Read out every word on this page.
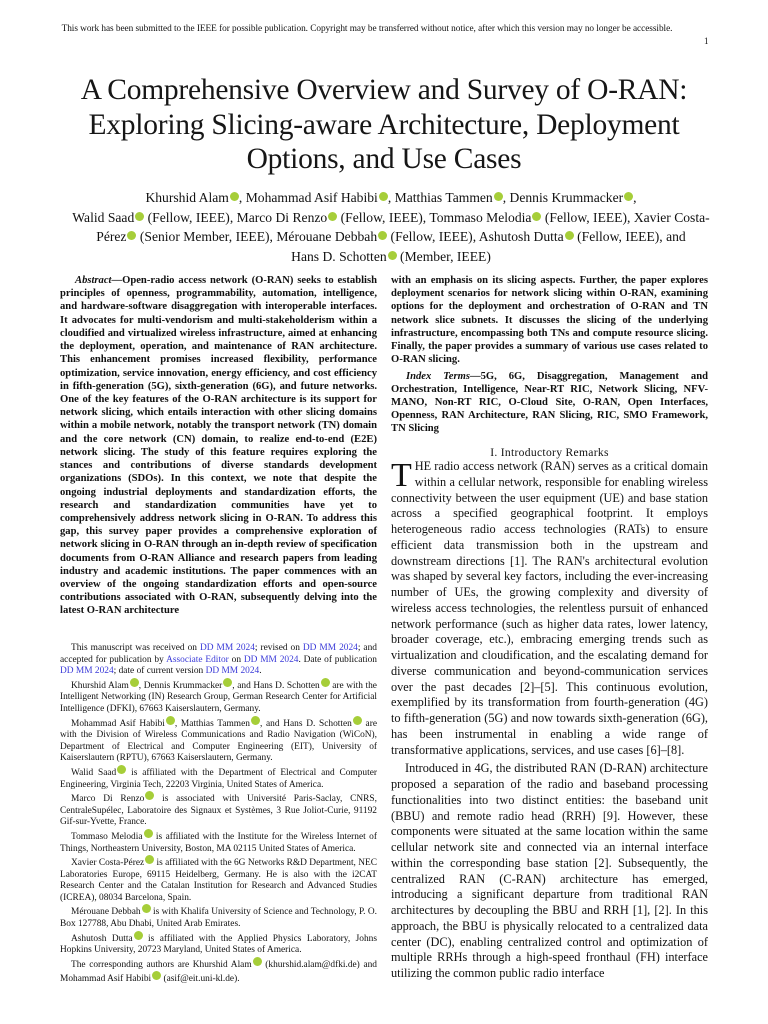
This work has been submitted to the IEEE for possible publication. Copyright may be transferred without notice, after which this version may no longer be accessible.
1
A Comprehensive Overview and Survey of O-RAN:
Exploring Slicing-aware Architecture, Deployment
Options, and Use Cases
Khurshid Alam , Mohammad Asif Habibi , Matthias Tammen , Dennis Krummacker ,
Walid Saad (Fellow, IEEE), Marco Di Renzo (Fellow, IEEE), Tommaso Melodia (Fellow, IEEE), Xavier Costa-Pérez (Senior Member, IEEE), Mérouane Debbah (Fellow, IEEE), Ashutosh Dutta (Fellow, IEEE), and
Hans D. Schotten (Member, IEEE)

Abstract—Open-radio access network (O-RAN) seeks to establish principles of openness, programmability, automation, intelligence, and hardware-software disaggregation with interoperable interfaces. It advocates for multi-vendorism and multi-stakeholderism within a cloudified and virtualized wireless infrastructure, aimed at enhancing the deployment, operation, and maintenance of RAN architecture. This enhancement promises increased flexibility, performance optimization, service innovation, energy efficiency, and cost efficiency in fifth-generation (5G), sixth-generation (6G), and future networks. One of the key features of the O-RAN architecture is its support for network slicing, which entails interaction with other slicing domains within a mobile network, notably the transport network (TN) domain and the core network (CN) domain, to realize end-to-end (E2E) network slicing. The study of this feature requires exploring the stances and contributions of diverse standards development organizations (SDOs). In this context, we note that despite the ongoing industrial deployments and standardization efforts, the research and standardization communities have yet to comprehensively address network slicing in O-RAN. To address this gap, this survey paper provides a comprehensive exploration of network slicing in O-RAN through an in-depth review of specification documents from O-RAN Alliance and research papers from leading industry and academic institutions. The paper commences with an overview of the ongoing standardization efforts and open-source contributions associated with O-RAN, subsequently delving into the latest O-RAN architecture

with an emphasis on its slicing aspects. Further, the paper explores deployment scenarios for network slicing within O-RAN, examining options for the deployment and orchestration of O-RAN and TN network slice subnets. It discusses the slicing of the underlying infrastructure, encompassing both TNs and compute resource slicing. Finally, the paper provides a summary of various use cases related to O-RAN slicing.

Index Terms—5G, 6G, Disaggregation, Management and Orchestration, Intelligence, Near-RT RIC, Network Slicing, NFV-MANO, Non-RT RIC, O-Cloud Site, O-RAN, Open Interfaces, Openness, RAN Architecture, RAN Slicing, RIC, SMO Framework, TN Slicing

I. Introductory Remarks

THE radio access network (RAN) serves as a critical domain within a cellular network, responsible for enabling wireless connectivity between the user equipment (UE) and base station across a specified geographical footprint. It employs heterogeneous radio access technologies (RATs) to ensure efficient data transmission both in the upstream and downstream directions [1]. The RAN's architectural evolution was shaped by several key factors, including the ever-increasing number of UEs, the growing complexity and diversity of wireless access technologies, the relentless pursuit of enhanced network performance (such as higher data rates, lower latency, broader coverage, etc.), embracing emerging trends such as virtualization and cloudification, and the escalating demand for diverse communication and beyond-communication services over the past decades [2]–[5]. This continuous evolution, exemplified by its transformation from fourth-generation (4G) to fifth-generation (5G) and now towards sixth-generation (6G), has been instrumental in enabling a wide range of transformative applications, services, and use cases [6]–[8].

Introduced in 4G, the distributed RAN (D-RAN) architecture proposed a separation of the radio and baseband processing functionalities into two distinct entities: the baseband unit (BBU) and remote radio head (RRH) [9]. However, these components were situated at the same location within the same cellular network site and connected via an internal interface within the corresponding base station [2]. Subsequently, the centralized RAN (C-RAN) architecture has emerged, introducing a significant departure from traditional RAN architectures by decoupling the BBU and RRH [1], [2]. In this approach, the BBU is physically relocated to a centralized data center (DC), enabling centralized control and optimization of multiple RRHs through a high-speed fronthaul (FH) interface utilizing the common public radio interface

This manuscript was received on DD MM 2024; revised on DD MM 2024; and accepted for publication by Associate Editor on DD MM 2024. Date of publication DD MM 2024; date of current version DD MM 2024.

Khurshid Alam , Dennis Krummacker , and Hans D. Schotten are with the Intelligent Networking (IN) Research Group, German Research Center for Artificial Intelligence (DFKI), 67663 Kaiserslautern, Germany.

Mohammad Asif Habibi , Matthias Tammen , and Hans D. Schotten are with the Division of Wireless Communications and Radio Navigation (WiCoN), Department of Electrical and Computer Engineering (EIT), University of Kaiserslautern (RPTU), 67663 Kaiserslautern, Germany.

Walid Saad is affiliated with the Department of Electrical and Computer Engineering, Virginia Tech, 22203 Virginia, United States of America.

Marco Di Renzo is associated with Université Paris-Saclay, CNRS, CentraleSupélec, Laboratoire des Signaux et Systèmes, 3 Rue Joliot-Curie, 91192 Gif-sur-Yvette, France.

Tommaso Melodia is affiliated with the Institute for the Wireless Internet of Things, Northeastern University, Boston, MA 02115 United States of America.

Xavier Costa-Pérez is affiliated with the 6G Networks R&D Department, NEC Laboratories Europe, 69115 Heidelberg, Germany. He is also with the i2CAT Research Center and the Catalan Institution for Research and Advanced Studies (ICREA), 08034 Barcelona, Spain.

Mérouane Debbah is with Khalifa University of Science and Technology, P. O. Box 127788, Abu Dhabi, United Arab Emirates.

Ashutosh Dutta is affiliated with the Applied Physics Laboratory, Johns Hopkins University, 20723 Maryland, United States of America.

The corresponding authors are Khurshid Alam (khurshid.alam@dfki.de) and Mohammad Asif Habibi (asif@eit.uni-kl.de).
